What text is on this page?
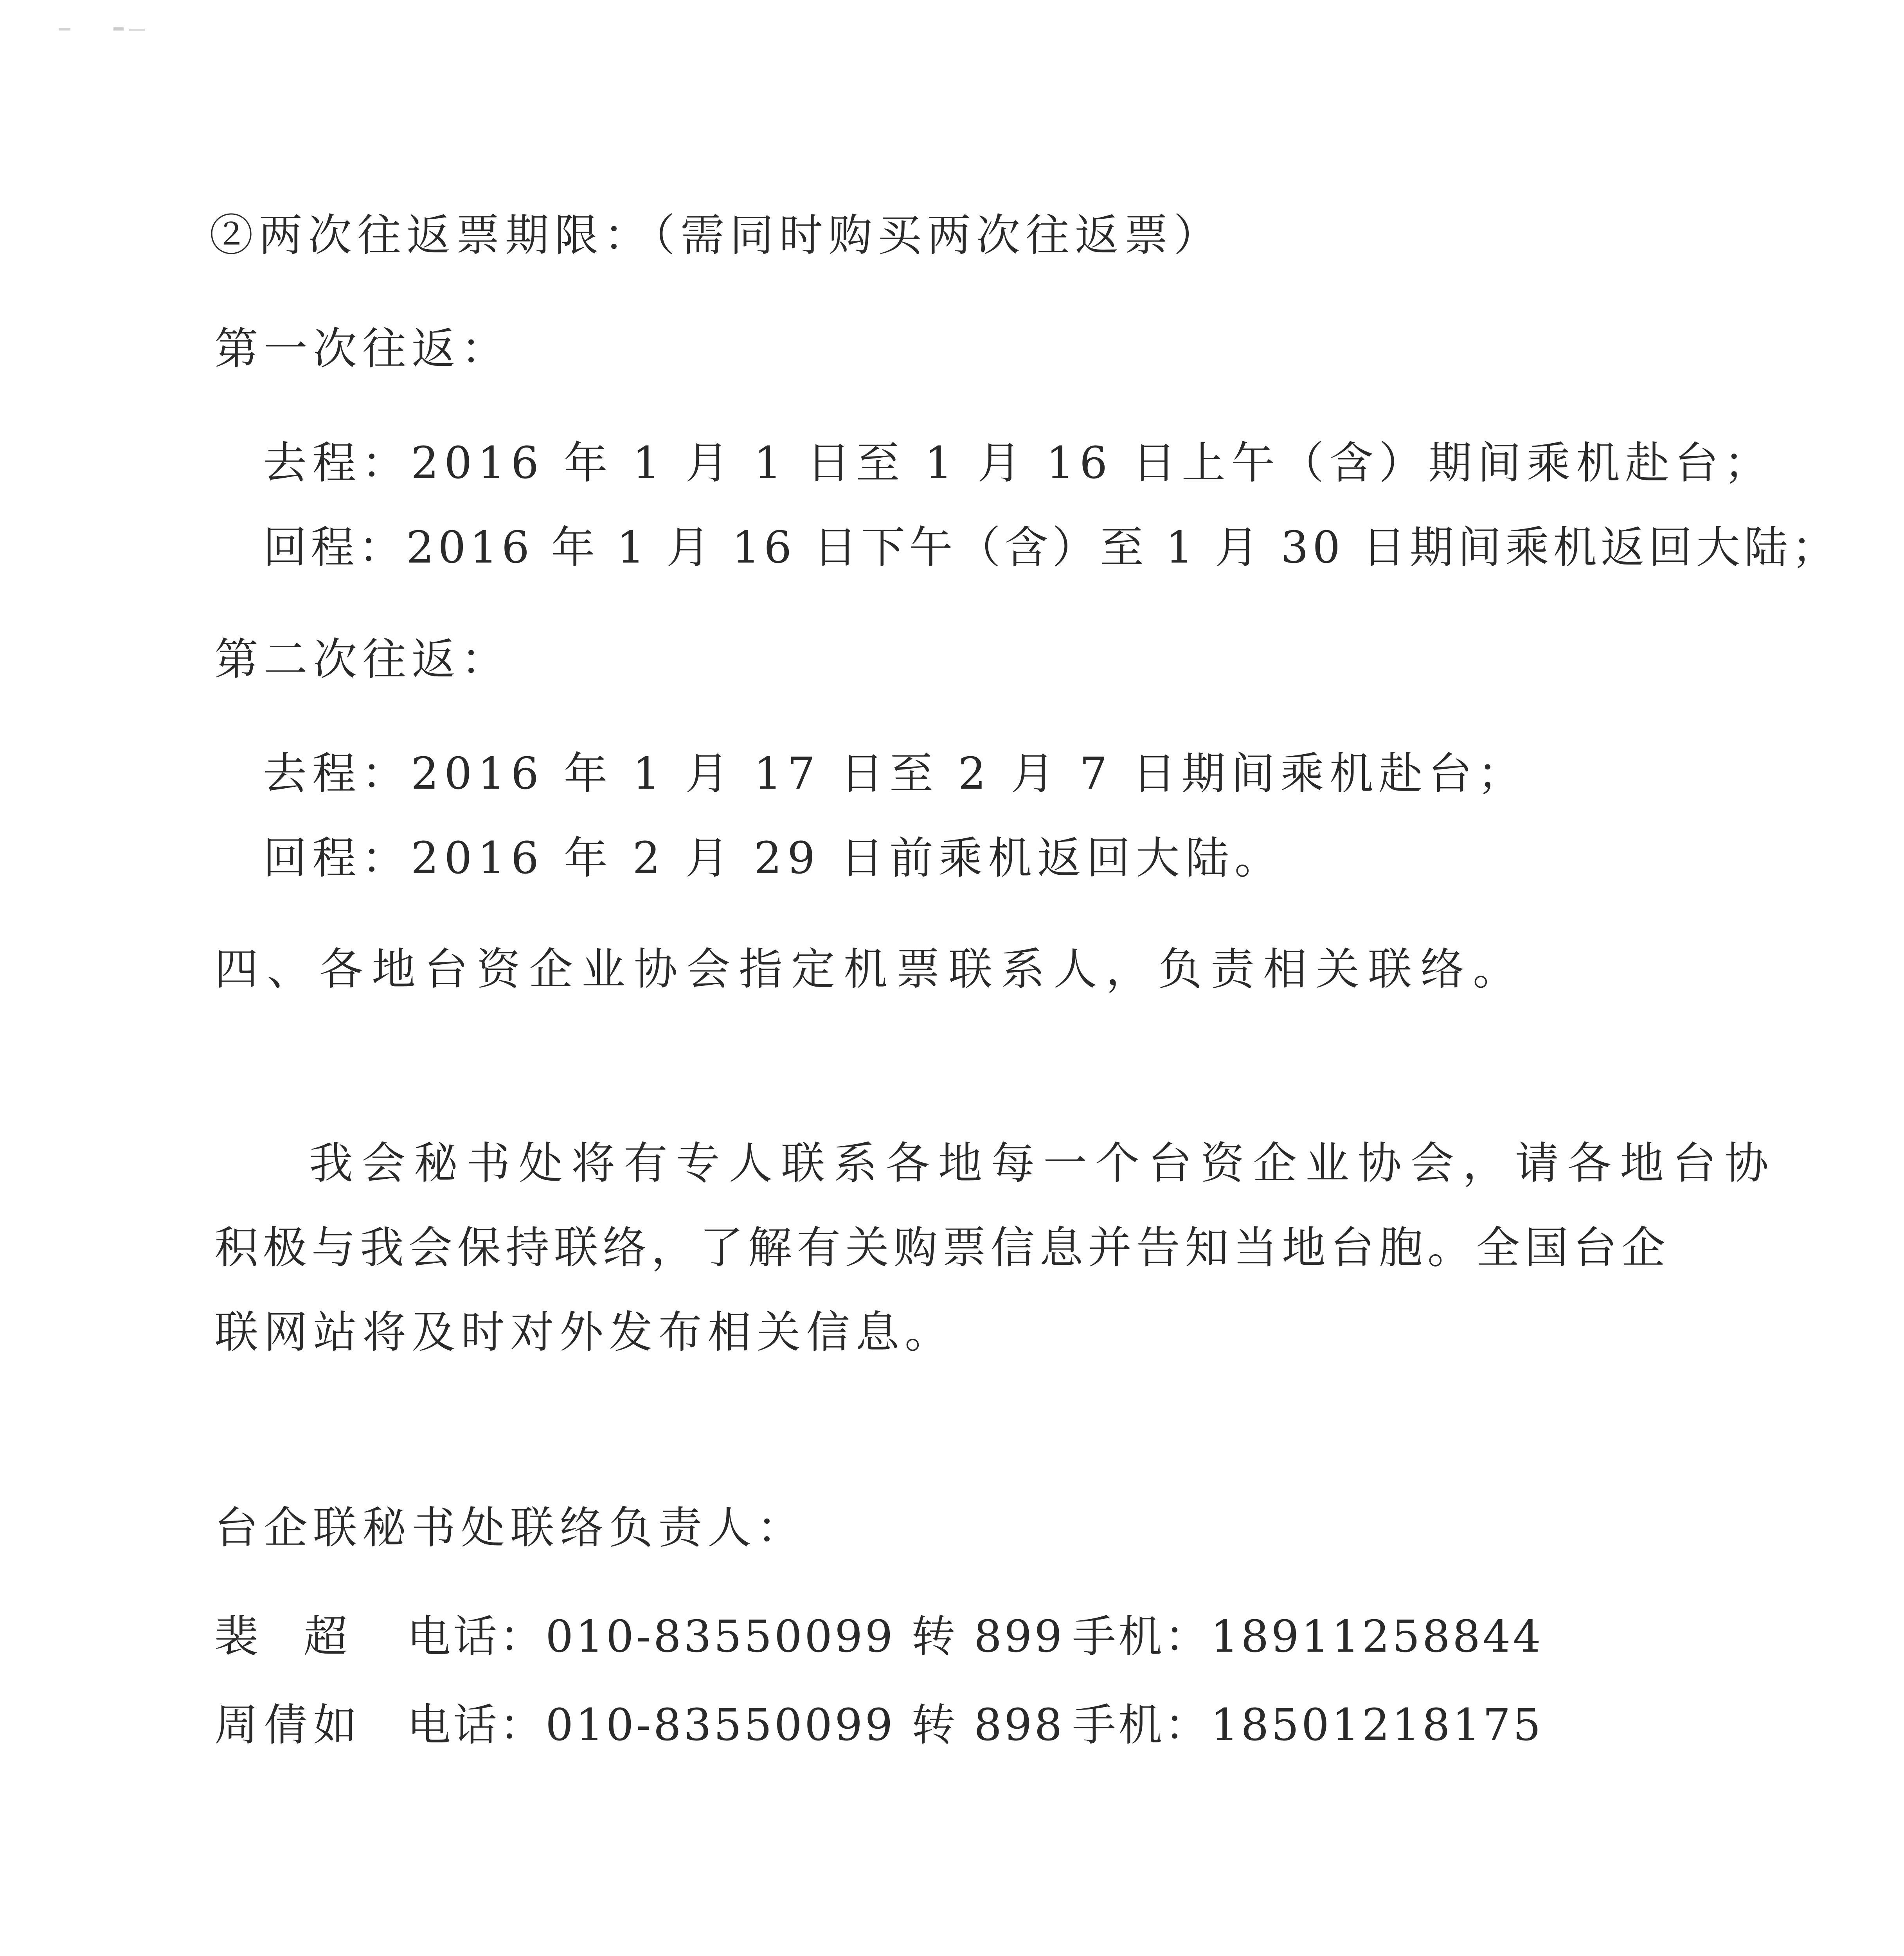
②两次往返票期限：（需同时购买两次往返票）
第一次往返：
去程：2016 年 1 月 1 日至 1 月 16 日上午（含）期间乘机赴台；
回程：2016 年 1 月 16 日下午（含）至 1 月 30 日期间乘机返回大陆；
第二次往返：
去程：2016 年 1 月 17 日至 2 月 7 日期间乘机赴台；
回程：2016 年 2 月 29 日前乘机返回大陆。
四、各地台资企业协会指定机票联系人，负责相关联络。
我会秘书处将有专人联系各地每一个台资企业协会，请各地台协
积极与我会保持联络，了解有关购票信息并告知当地台胞。全国台企
联网站将及时对外发布相关信息。
台企联秘书处联络负责人：
裴 超 电话：010-83550099 转 899 手机：18911258844
周倩如 电话：010-83550099 转 898 手机：18501218175
